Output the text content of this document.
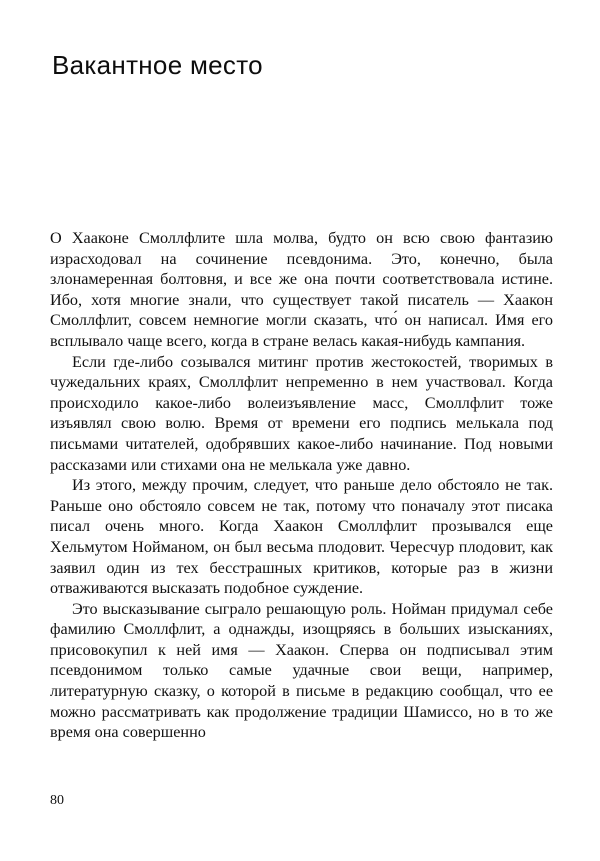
Вакантное место

О Хааконе Смоллфлите шла молва, будто он всю свою фантазию израсходовал на сочинение псевдонима. Это, конечно, была злонамеренная болтовня, и все же она почти соответствовала истине. Ибо, хотя многие знали, что существует такой писатель — Хаакон Смоллфлит, совсем немногие могли сказать, что́ он написал. Имя его всплывало чаще всего, когда в стране велась какая-нибудь кампания.

Если где-либо созывался митинг против жестокостей, творимых в чужедальних краях, Смоллфлит непременно в нем участвовал. Когда происходило какое-либо волеизъявление масс, Смоллфлит тоже изъявлял свою волю. Время от времени его подпись мелькала под письмами читателей, одобрявших какое-либо начинание. Под новыми рассказами или стихами она не мелькала уже давно.

Из этого, между прочим, следует, что раньше дело обстояло не так. Раньше оно обстояло совсем не так, потому что поначалу этот писака писал очень много. Когда Хаакон Смоллфлит прозывался еще Хельмутом Нойманом, он был весьма плодовит. Чересчур плодовит, как заявил один из тех бесстрашных критиков, которые раз в жизни отваживаются высказать подобное суждение.

Это высказывание сыграло решающую роль. Нойман придумал себе фамилию Смоллфлит, а однажды, изощряясь в больших изысканиях, присовокупил к ней имя — Хаакон. Сперва он подписывал этим псевдонимом только самые удачные свои вещи, например, литературную сказку, о которой в письме в редакцию сообщал, что ее можно рассматривать как продолжение традиции Шамиссо, но в то же время она совершенно

80
